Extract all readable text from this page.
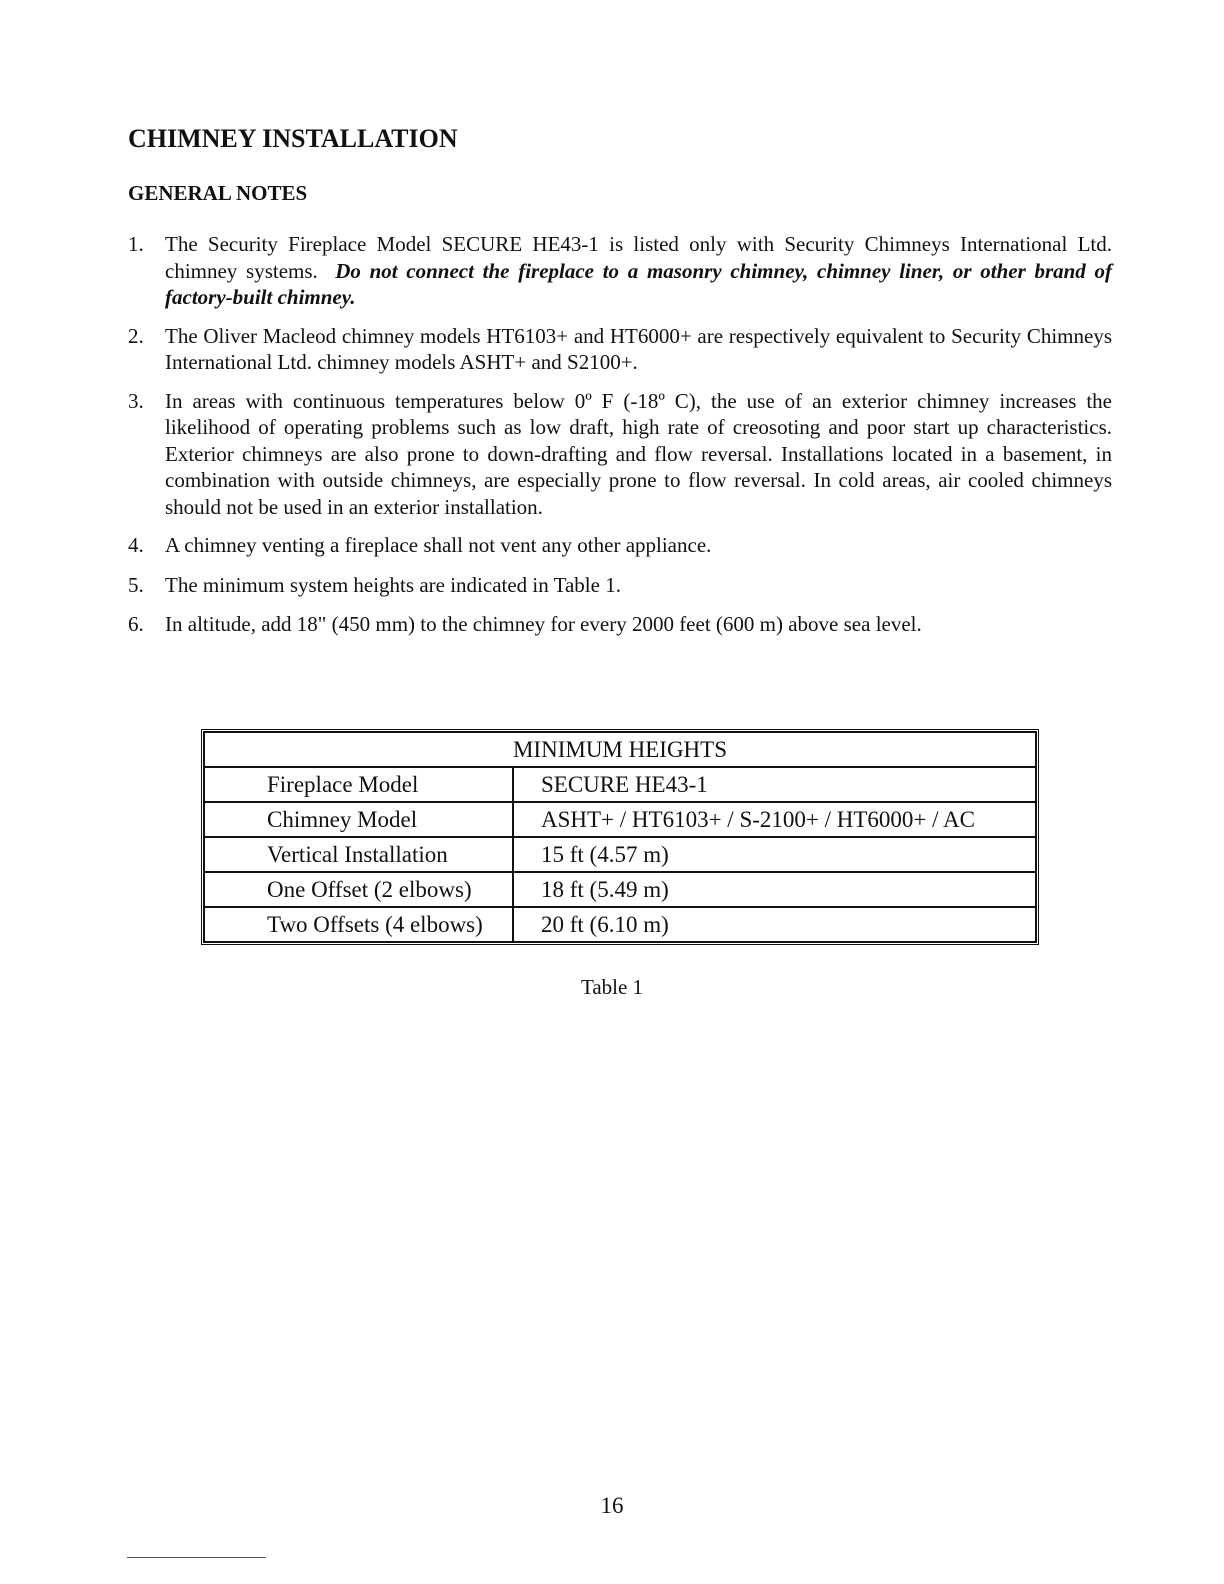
CHIMNEY INSTALLATION
GENERAL NOTES
1. The Security Fireplace Model SECURE HE43-1 is listed only with Security Chimneys International Ltd. chimney systems. Do not connect the fireplace to a masonry chimney, chimney liner, or other brand of factory-built chimney.
2. The Oliver Macleod chimney models HT6103+ and HT6000+ are respectively equivalent to Security Chimneys International Ltd. chimney models ASHT+ and S2100+.
3. In areas with continuous temperatures below 0º F (-18º C), the use of an exterior chimney increases the likelihood of operating problems such as low draft, high rate of creosoting and poor start up characteristics. Exterior chimneys are also prone to down-drafting and flow reversal. Installations located in a basement, in combination with outside chimneys, are especially prone to flow reversal. In cold areas, air cooled chimneys should not be used in an exterior installation.
4. A chimney venting a fireplace shall not vent any other appliance.
5. The minimum system heights are indicated in Table 1.
6. In altitude, add 18" (450 mm) to the chimney for every 2000 feet (600 m) above sea level.
MINIMUM HEIGHTS	
Fireplace Model	SECURE HE43-1
Chimney Model	ASHT+ / HT6103+ / S-2100+ / HT6000+ / AC
Vertical Installation	15 ft (4.57 m)
One Offset (2 elbows)	18 ft (5.49 m)
Two Offsets (4 elbows)	20 ft (6.10 m)
Table 1
16
